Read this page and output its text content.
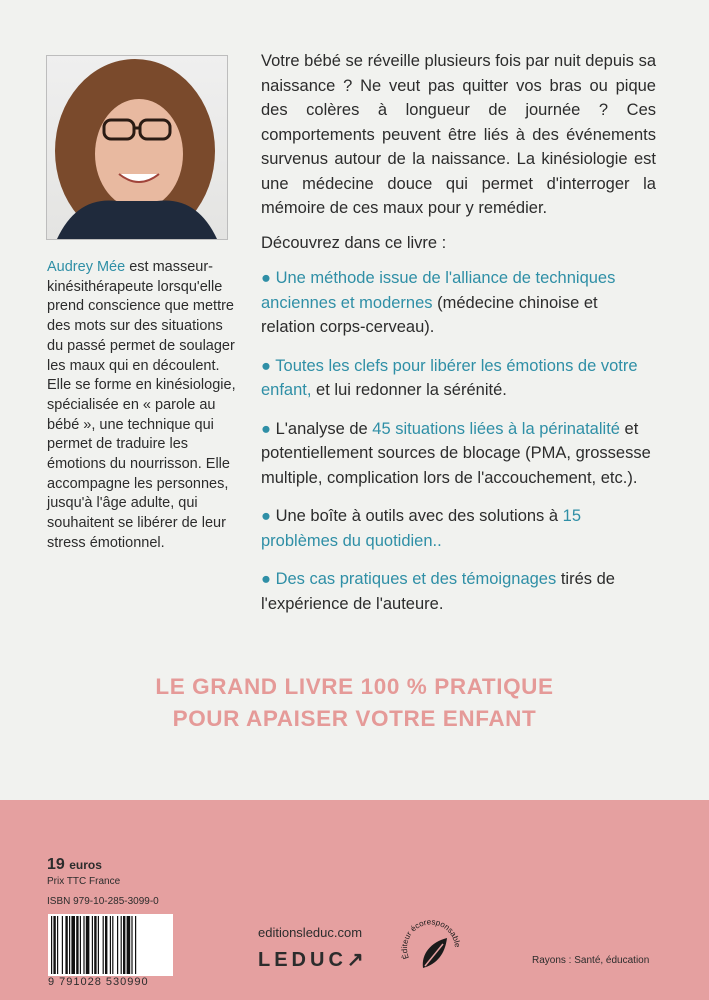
Audrey Mée est masseur-kinésithérapeute lorsqu'elle prend conscience que mettre des mots sur des situations du passé permet de soulager les maux qui en découlent. Elle se forme en kinésiologie, spécialisée en « parole au bébé », une technique qui permet de traduire les émotions du nourrisson. Elle accompagne les personnes, jusqu'à l'âge adulte, qui souhaitent se libérer de leur stress émotionnel.
Votre bébé se réveille plusieurs fois par nuit depuis sa naissance ? Ne veut pas quitter vos bras ou pique des colères à longueur de journée ? Ces comportements peuvent être liés à des événements survenus autour de la naissance. La kinésiologie est une médecine douce qui permet d'interroger la mémoire de ces maux pour y remédier.
Découvrez dans ce livre :
● Une méthode issue de l'alliance de techniques anciennes et modernes (médecine chinoise et relation corps-cerveau).
● Toutes les clefs pour libérer les émotions de votre enfant, et lui redonner la sérénité.
● L'analyse de 45 situations liées à la périnatalité et potentiellement sources de blocage (PMA, grossesse multiple, complication lors de l'accouchement, etc.).
● Une boîte à outils avec des solutions à 15 problèmes du quotidien..
● Des cas pratiques et des témoignages tirés de l'expérience de l'auteure.
LE GRAND LIVRE 100 % PRATIQUE
POUR APAISER VOTRE ENFANT
19 euros
Prix TTC France
ISBN 979-10-285-3099-0
9 791028 530990
editionsleduc.com
LEDUC↗	Éditeur écoresponsable
Rayons : Santé, éducation
